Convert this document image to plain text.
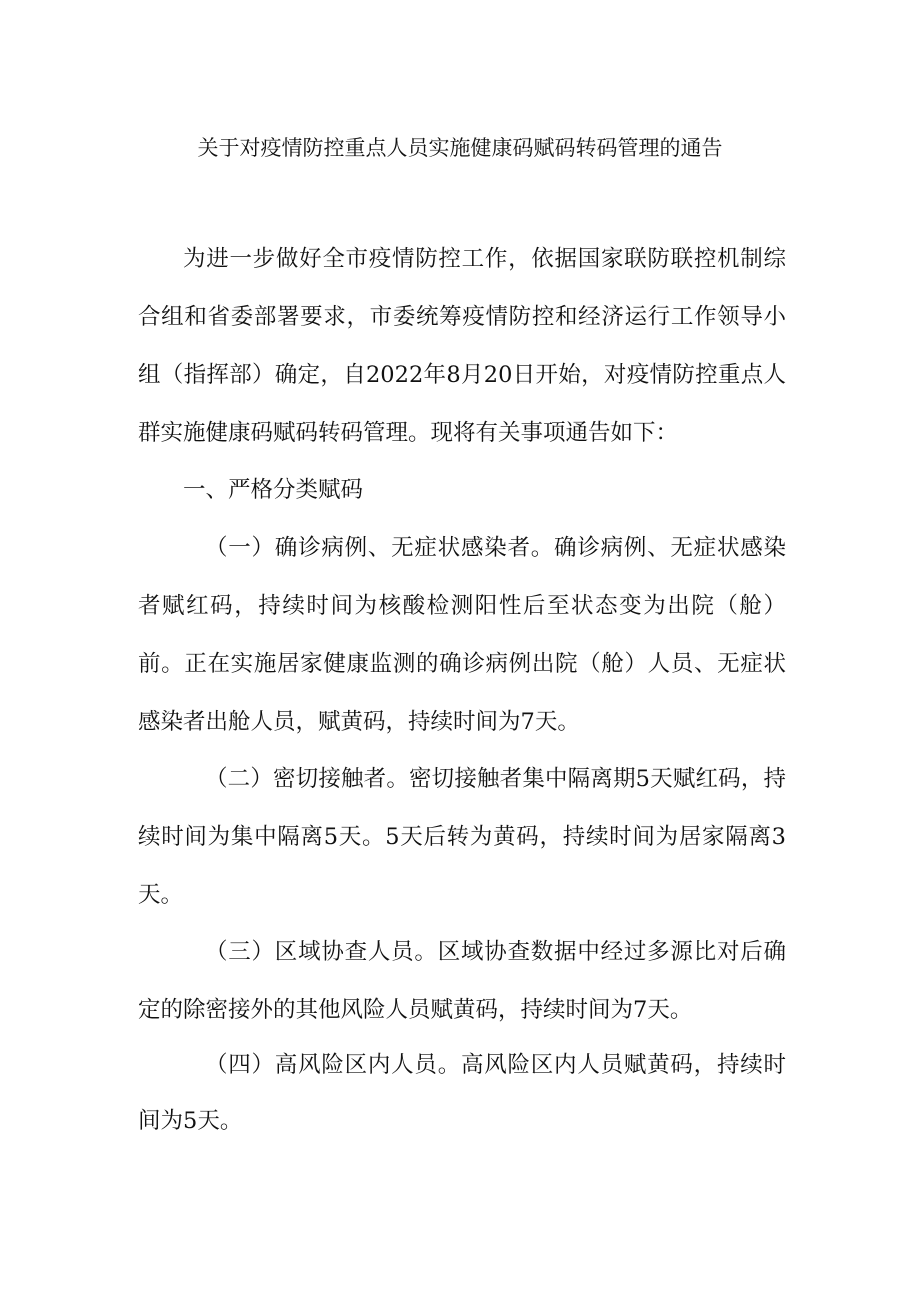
关于对疫情防控重点人员实施健康码赋码转码管理的通告

为进一步做好全市疫情防控工作，依据国家联防联控机制综合组和省委部署要求，市委统筹疫情防控和经济运行工作领导小组（指挥部）确定，自2022年8月20日开始，对疫情防控重点人群实施健康码赋码转码管理。现将有关事项通告如下：

一、严格分类赋码

（一）确诊病例、无症状感染者。确诊病例、无症状感染者赋红码，持续时间为核酸检测阳性后至状态变为出院（舱）前。正在实施居家健康监测的确诊病例出院（舱）人员、无症状感染者出舱人员，赋黄码，持续时间为7天。

（二）密切接触者。密切接触者集中隔离期5天赋红码，持续时间为集中隔离5天。5天后转为黄码，持续时间为居家隔离3天。

（三）区域协查人员。区域协查数据中经过多源比对后确定的除密接外的其他风险人员赋黄码，持续时间为7天。

（四）高风险区内人员。高风险区内人员赋黄码，持续时间为5天。
